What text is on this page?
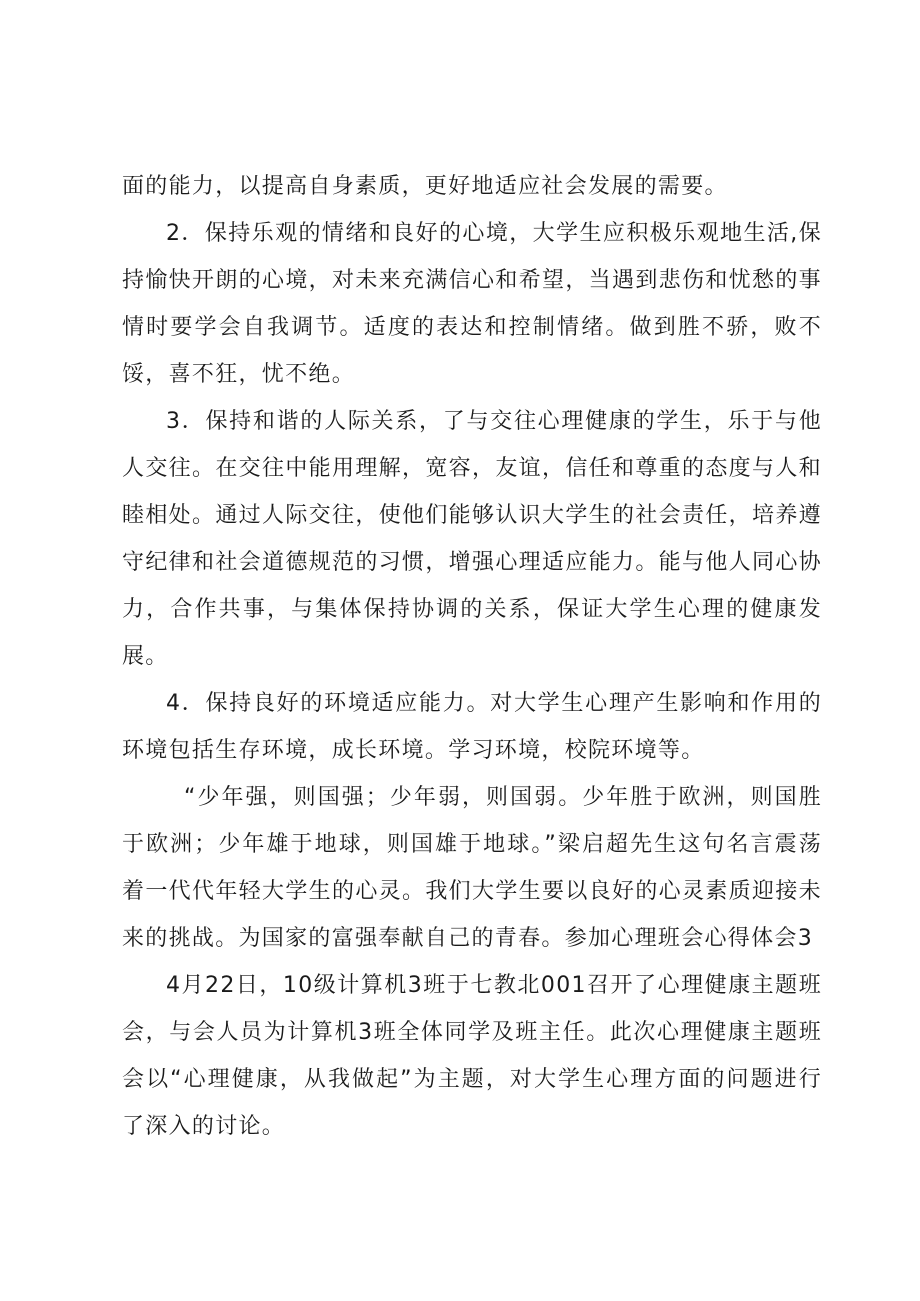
面的能力，以提高自身素质，更好地适应社会发展的需要。

2．保持乐观的情绪和良好的心境，大学生应积极乐观地生活,保持愉快开朗的心境，对未来充满信心和希望，当遇到悲伤和忧愁的事情时要学会自我调节。适度的表达和控制情绪。做到胜不骄，败不馁，喜不狂，忧不绝。

3．保持和谐的人际关系，了与交往心理健康的学生，乐于与他人交往。在交往中能用理解，宽容，友谊，信任和尊重的态度与人和睦相处。通过人际交往，使他们能够认识大学生的社会责任，培养遵守纪律和社会道德规范的习惯，增强心理适应能力。能与他人同心协力，合作共事，与集体保持协调的关系，保证大学生心理的健康发展。

4．保持良好的环境适应能力。对大学生心理产生影响和作用的环境包括生存环境，成长环境。学习环境，校院环境等。

“少年强，则国强；少年弱，则国弱。少年胜于欧洲，则国胜于欧洲；少年雄于地球，则国雄于地球。”梁启超先生这句名言震荡着一代代年轻大学生的心灵。我们大学生要以良好的心灵素质迎接未来的挑战。为国家的富强奉献自己的青春。参加心理班会心得体会3

4月22日，10级计算机3班于七教北001召开了心理健康主题班会，与会人员为计算机3班全体同学及班主任。此次心理健康主题班会以“心理健康，从我做起”为主题，对大学生心理方面的问题进行了深入的讨论。
